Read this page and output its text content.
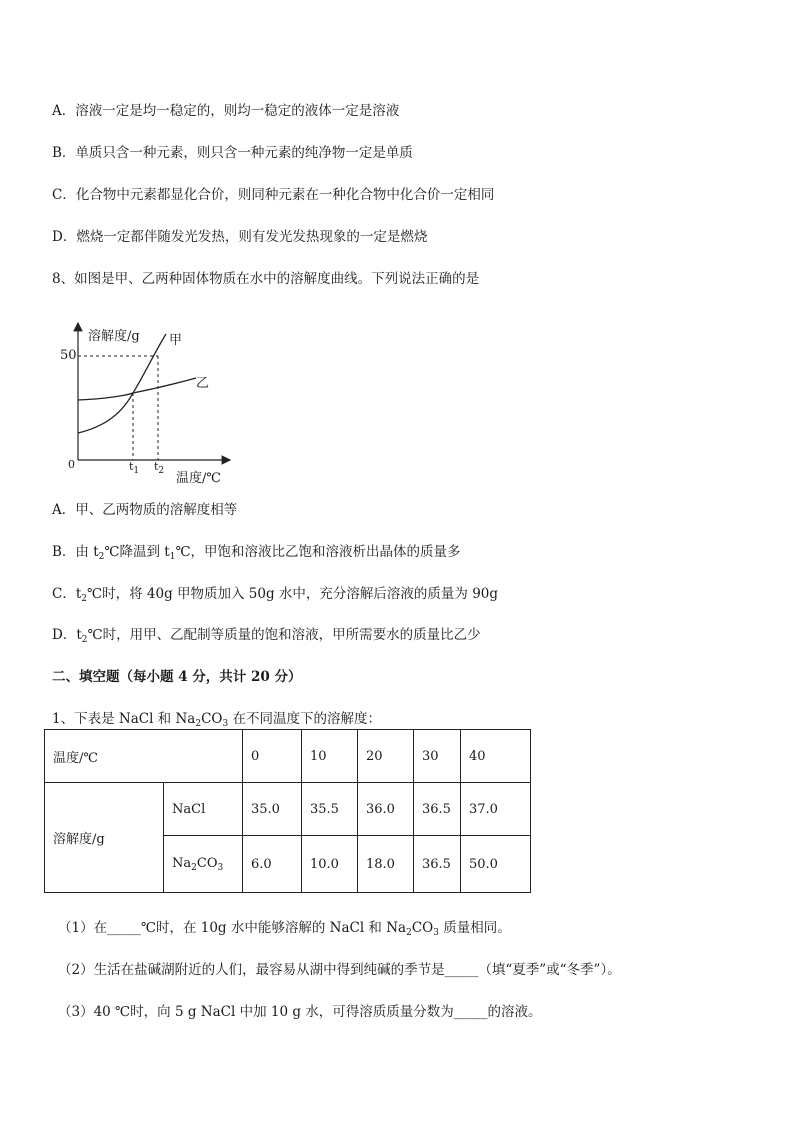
A．溶液一定是均一稳定的，则均一稳定的液体一定是溶液
B．单质只含一种元素，则只含一种元素的纯净物一定是单质
C．化合物中元素都显化合价，则同种元素在一种化合物中化合价一定相同
D．燃烧一定都伴随发光发热，则有发光发热现象的一定是燃烧
8、如图是甲、乙两种固体物质在水中的溶解度曲线。下列说法正确的是
溶解度/g 甲
50
乙
0	$t_1$ $t_2$ 温度/℃
A．甲、乙两物质的溶解度相等
B．由 $t_2℃$降温到 $t_1℃$，甲饱和溶液比乙饱和溶液析出晶体的质量多
C．$t_2℃$时，将 40g 甲物质加入 50g 水中，充分溶解后溶液的质量为 90g
D．$t_2℃$时，用甲、乙配制等质量的饱和溶液，甲所需要水的质量比乙少
二、填空题（每小题 4 分，共计 20 分）
1、下表是 NaCl 和 $Na_2CO_3$ 在不同温度下的溶解度：
温度/℃		0	10	20	30	40
溶解度/g	NaCl	35.0	35.5	36.0	36.5	37.0
	$Na_2CO_3$	6.0	10.0	18.0	36.5	50.0
（1）在_____℃时，在 10g 水中能够溶解的 NaCl 和 $Na_2CO_3$ 质量相同。
（2）生活在盐碱湖附近的人们，最容易从湖中得到纯碱的季节是_____（填“夏季”或“冬季”）。
（3）40 ℃时，向 5 g NaCl 中加 10 g 水，可得溶质质量分数为_____的溶液。
